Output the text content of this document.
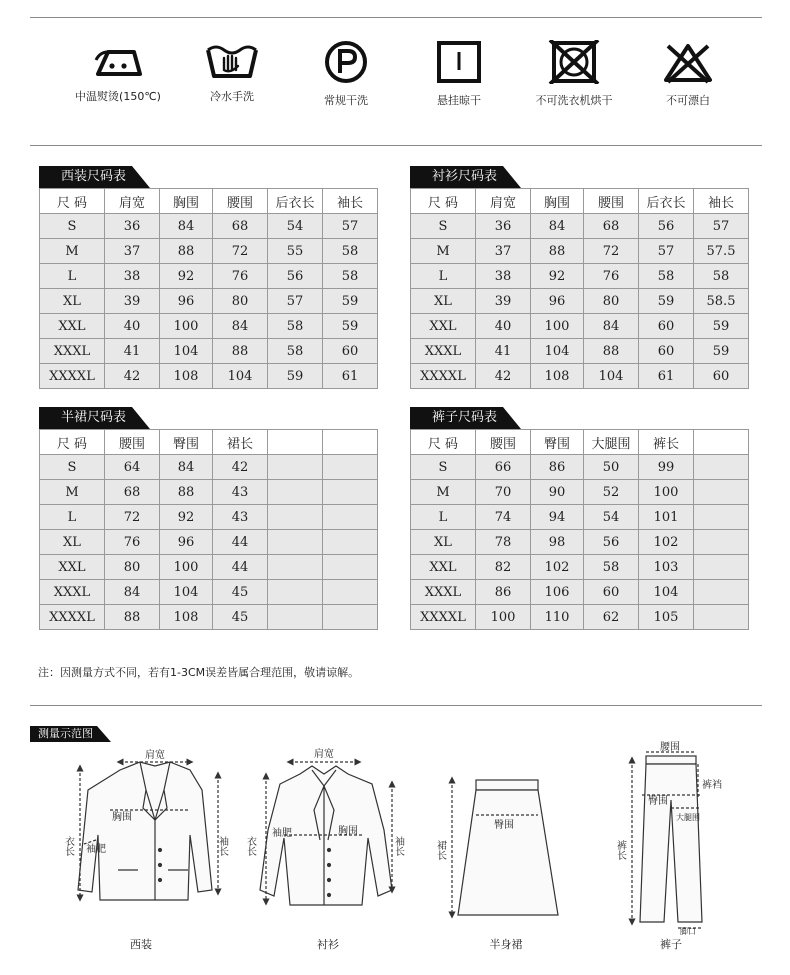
中温熨烫(150℃)	冷水手洗	常规干洗	悬挂晾干	不可洗衣机烘干	不可漂白
西装尺码表
尺 码	肩宽	胸围	腰围	后衣长	袖长
S	36	84	68	54	57
M	37	88	72	55	58
L	38	92	76	56	58
XL	39	96	80	57	59
XXL	40	100	84	58	59
XXXL	41	104	88	58	60
XXXXL	42	108	104	59	61
衬衫尺码表
尺 码	肩宽	胸围	腰围	后衣长	袖长
S	36	84	68	56	57
M	37	88	72	57	57.5
L	38	92	76	58	58
XL	39	96	80	59	58.5
XXL	40	100	84	60	59
XXXL	41	104	88	60	59
XXXXL	42	108	104	61	60
半裙尺码表
尺 码	腰围	臀围	裙长		
S	64	84	42		
M	68	88	43		
L	72	92	43		
XL	76	96	44		
XXL	80	100	44		
XXXL	84	104	45		
XXXXL	88	108	45		
裤子尺码表
尺 码	腰围	臀围	大腿围	裤长	
S	66	86	50	99	
M	70	90	52	100	
L	74	94	54	101	
XL	78	98	56	102	
XXL	82	102	58	103	
XXXL	86	106	60	104	
XXXXL	100	110	62	105	
注：因测量方式不同，若有1-3CM误差皆属合理范围，敬请谅解。
测量示范图
肩宽
胸围
袖肥
衣长	袖长
肩宽
胸围
袖肥
衣长	袖长
臀围
裙长
腰围
臀围
裤裆
大腿围
裤长
脚口
西装	衬衫	半身裙	裤子
